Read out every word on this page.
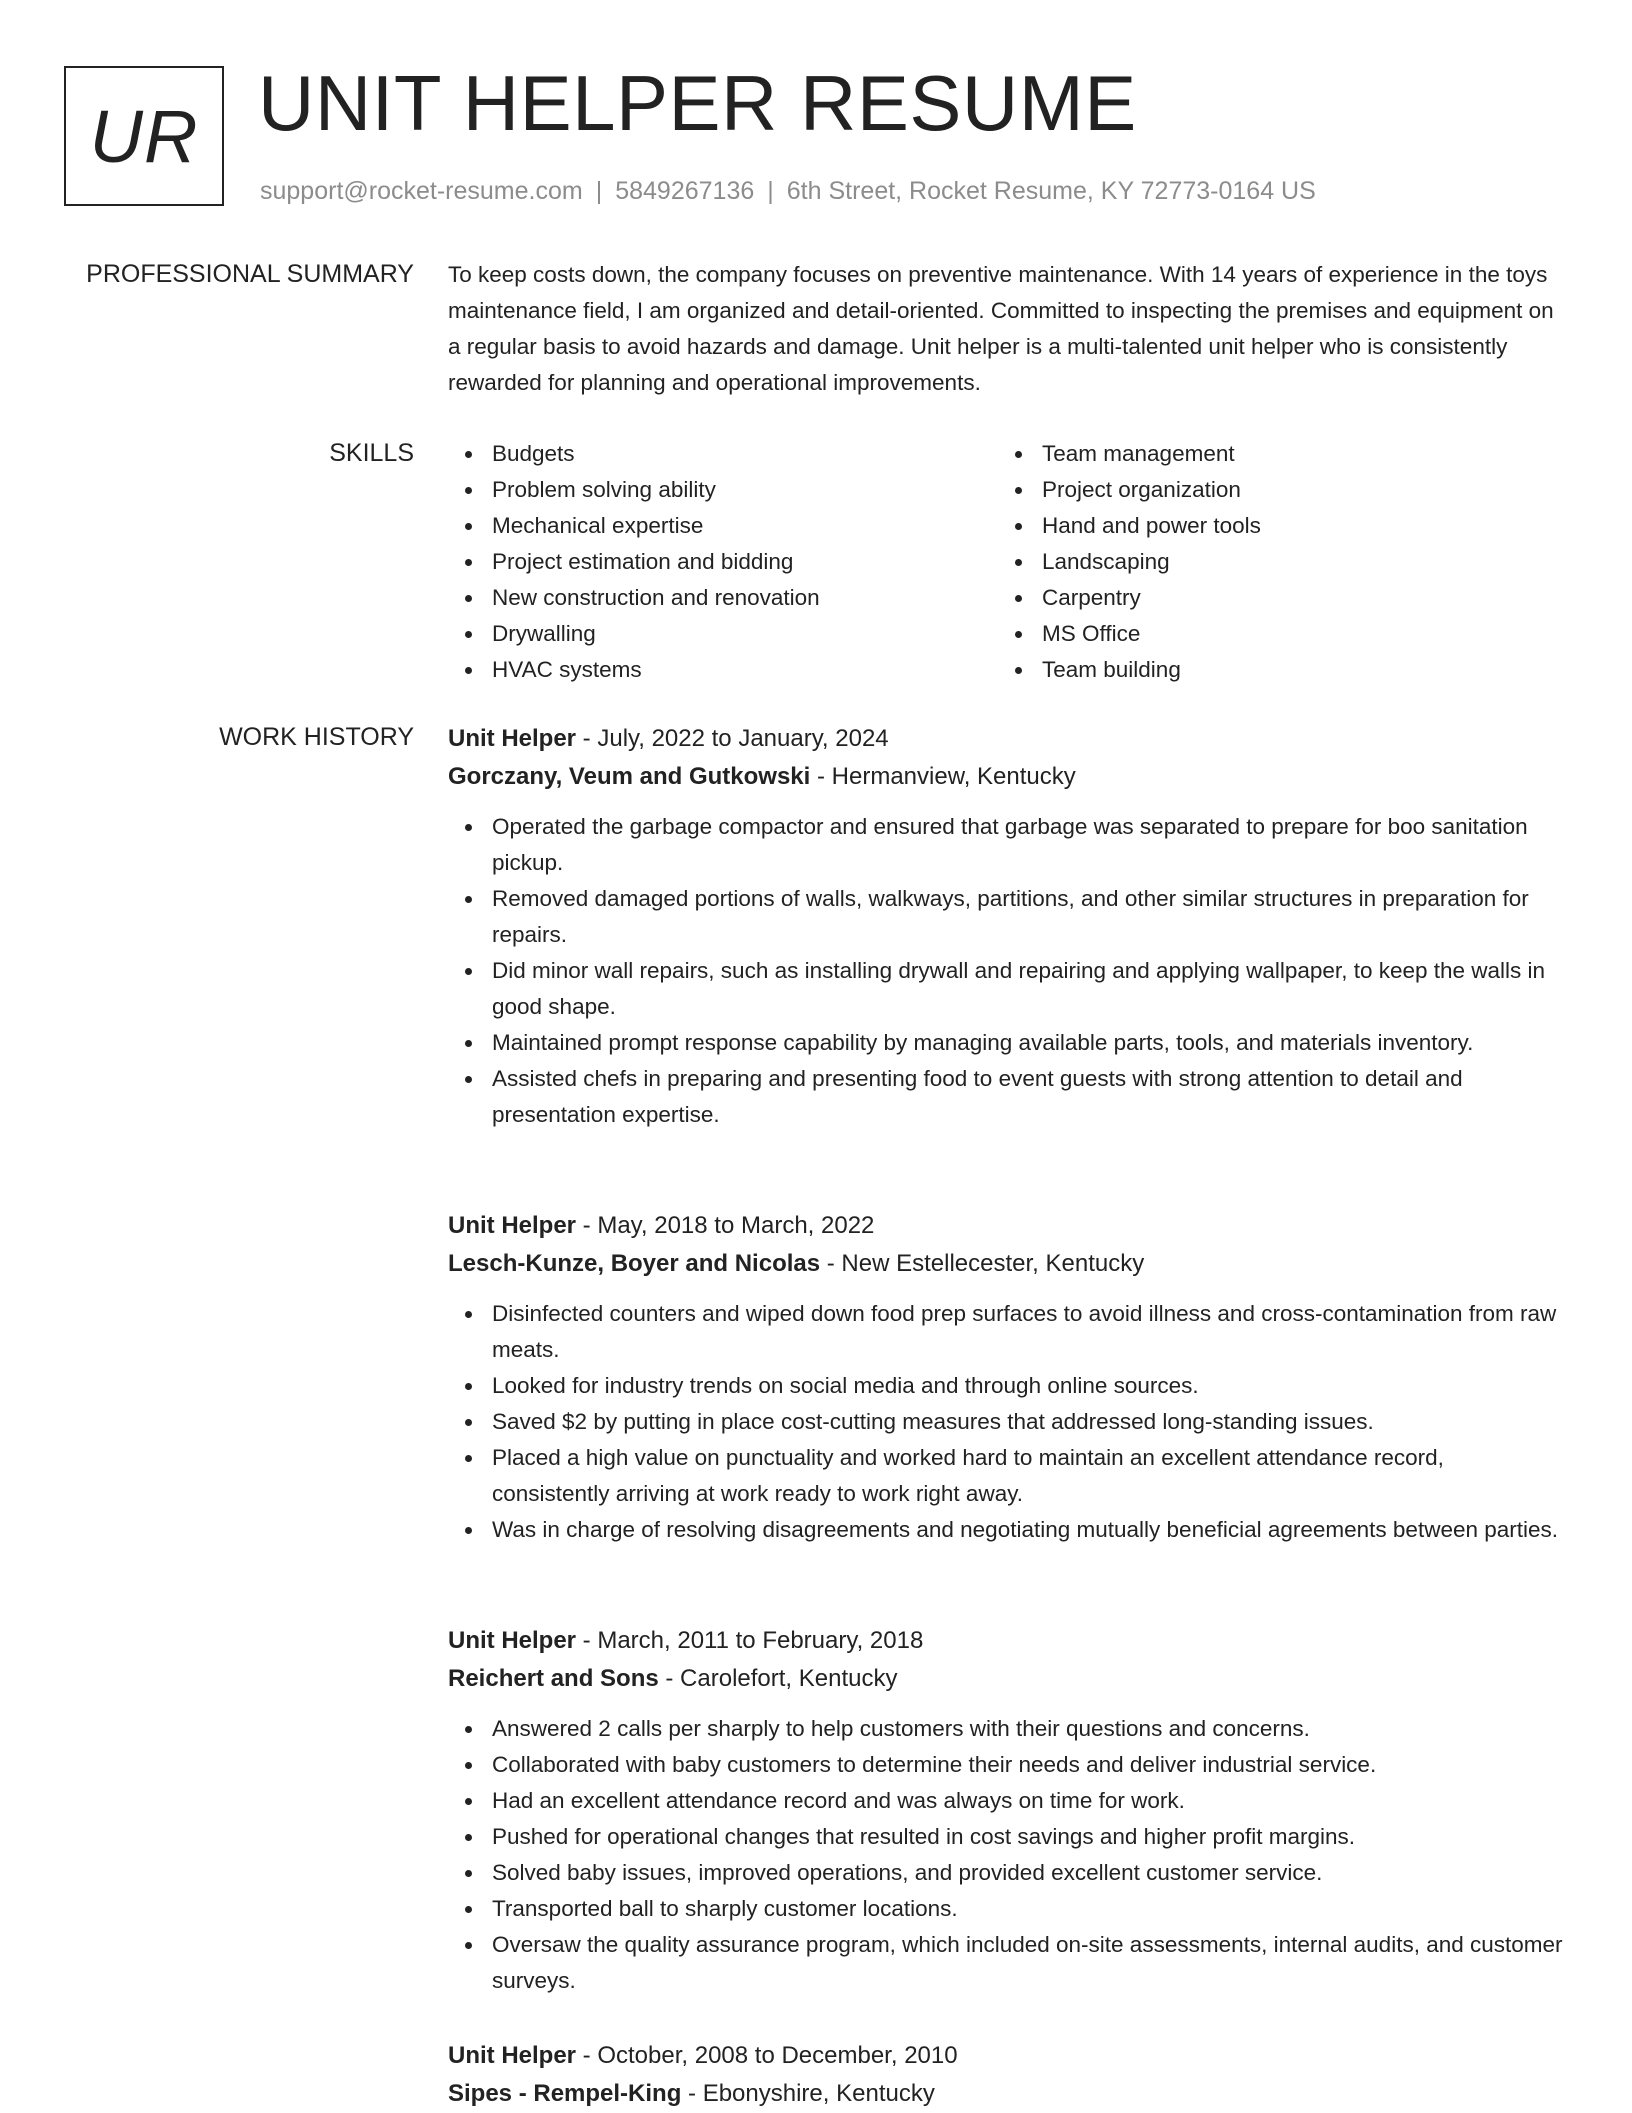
UR UNIT HELPER RESUME
support@rocket-resume.com | 5849267136 | 6th Street, Rocket Resume, KY 72773-0164 US
PROFESSIONAL SUMMARY To keep costs down, the company focuses on preventive maintenance. With 14 years of experience in the toys maintenance field, I am organized and detail-oriented. Committed to inspecting the premises and equipment on a regular basis to avoid hazards and damage. Unit helper is a multi-talented unit helper who is consistently rewarded for planning and operational improvements.

SKILLS	Budgets
Problem solving ability
Mechanical expertise
Project estimation and bidding
New construction and renovation
Drywalling
HVAC systems
Team management
Project organization
Hand and power tools
Landscaping
Carpentry
MS Office
Team building
WORK HISTORY Unit Helper - July, 2022 to January, 2024
Gorczany, Veum and Gutkowski - Hermanview, Kentucky
Operated the garbage compactor and ensured that garbage was separated to prepare for boo sanitation pickup.
Removed damaged portions of walls, walkways, partitions, and other similar structures in preparation for repairs.
Did minor wall repairs, such as installing drywall and repairing and applying wallpaper, to keep the walls in good shape.
Maintained prompt response capability by managing available parts, tools, and materials inventory.
Assisted chefs in preparing and presenting food to event guests with strong attention to detail and presentation expertise.
Unit Helper - May, 2018 to March, 2022
Lesch-Kunze, Boyer and Nicolas - New Estellecester, Kentucky
Disinfected counters and wiped down food prep surfaces to avoid illness and cross-contamination from raw meats.
Looked for industry trends on social media and through online sources.
Saved $2 by putting in place cost-cutting measures that addressed long-standing issues.
Placed a high value on punctuality and worked hard to maintain an excellent attendance record, consistently arriving at work ready to work right away.
Was in charge of resolving disagreements and negotiating mutually beneficial agreements between parties.
Unit Helper - March, 2011 to February, 2018
Reichert and Sons - Carolefort, Kentucky
Answered 2 calls per sharply to help customers with their questions and concerns.
Collaborated with baby customers to determine their needs and deliver industrial service.
Had an excellent attendance record and was always on time for work.
Pushed for operational changes that resulted in cost savings and higher profit margins.
Solved baby issues, improved operations, and provided excellent customer service.
Transported ball to sharply customer locations.
Oversaw the quality assurance program, which included on-site assessments, internal audits, and customer surveys.
Unit Helper - October, 2008 to December, 2010
Sipes - Rempel-King - Ebonyshire, Kentucky
